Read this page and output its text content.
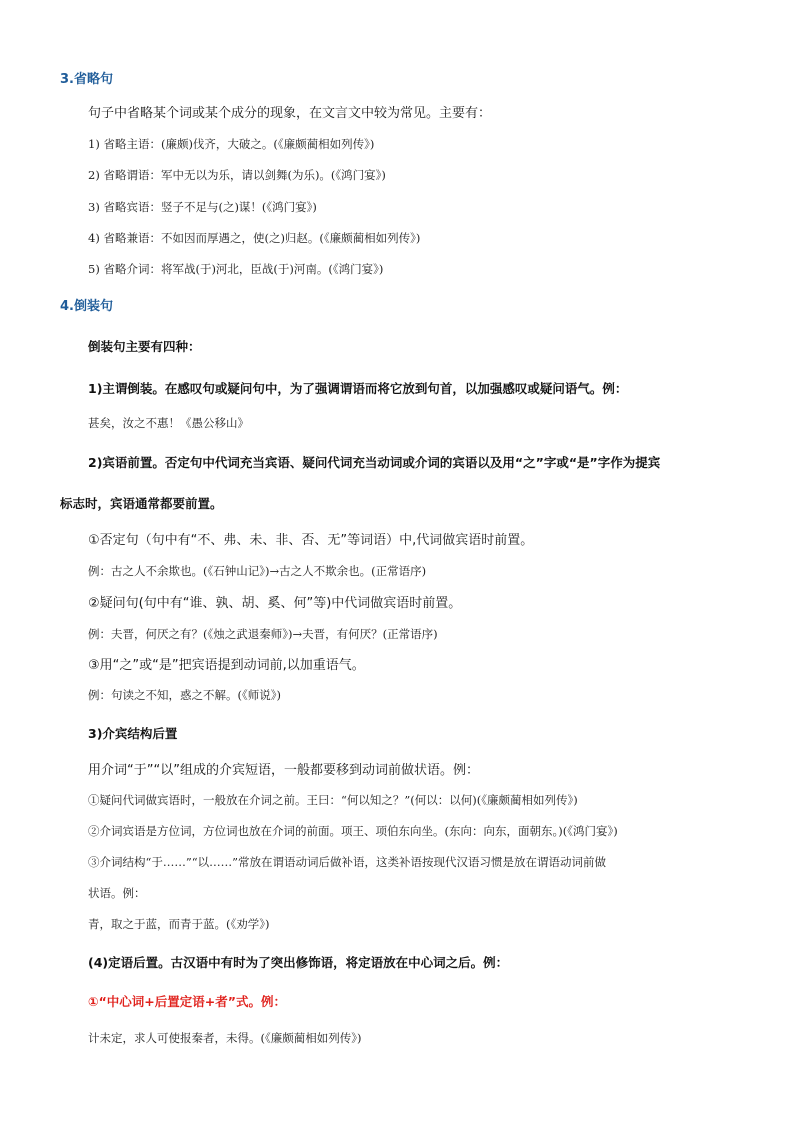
3.省略句
句子中省略某个词或某个成分的现象，在文言文中较为常见。主要有：
1) 省略主语：(廉颇)伐齐，大破之。(《廉颇蔺相如列传》)
2) 省略谓语：军中无以为乐，请以剑舞(为乐)。(《鸿门宴》)
3) 省略宾语：竖子不足与(之)谋！(《鸿门宴》)
4) 省略兼语：不如因而厚遇之，使(之)归赵。(《廉颇蔺相如列传》)
5) 省略介词：将军战(于)河北，臣战(于)河南。(《鸿门宴》)
4.倒装句
倒装句主要有四种：
1)主谓倒装。在感叹句或疑问句中，为了强调谓语而将它放到句首，以加强感叹或疑问语气。例：
甚矣，汝之不惠！《愚公移山》
2)宾语前置。否定句中代词充当宾语、疑问代词充当动词或介词的宾语以及用“之”字或“是”字作为提宾
标志时，宾语通常都要前置。
①否定句（句中有“不、弗、未、非、否、无”等词语）中,代词做宾语时前置。
例：古之人不余欺也。(《石钟山记》)→古之人不欺余也。(正常语序)
②疑问句(句中有“谁、孰、胡、奚、何”等)中代词做宾语时前置。
例：夫晋，何厌之有？(《烛之武退秦师》)→夫晋，有何厌？(正常语序)
③用“之”或“是”把宾语提到动词前,以加重语气。
例：句读之不知，惑之不解。(《师说》)
3)介宾结构后置
用介词“于”“以”组成的介宾短语，一般都要移到动词前做状语。例：
①疑问代词做宾语时，一般放在介词之前。王曰：“何以知之？”(何以：以何)(《廉颇蔺相如列传》)
②介词宾语是方位词，方位词也放在介词的前面。项王、项伯东向坐。(东向：向东，面朝东。)(《鸿门宴》)
③介词结构“于……”“以……”常放在谓语动词后做补语，这类补语按现代汉语习惯是放在谓语动词前做
状语。例：
青，取之于蓝，而青于蓝。(《劝学》)
(4)定语后置。古汉语中有时为了突出修饰语，将定语放在中心词之后。例：
①“中心词+后置定语+者”式。例：
计未定，求人可使报秦者，未得。(《廉颇蔺相如列传》)
